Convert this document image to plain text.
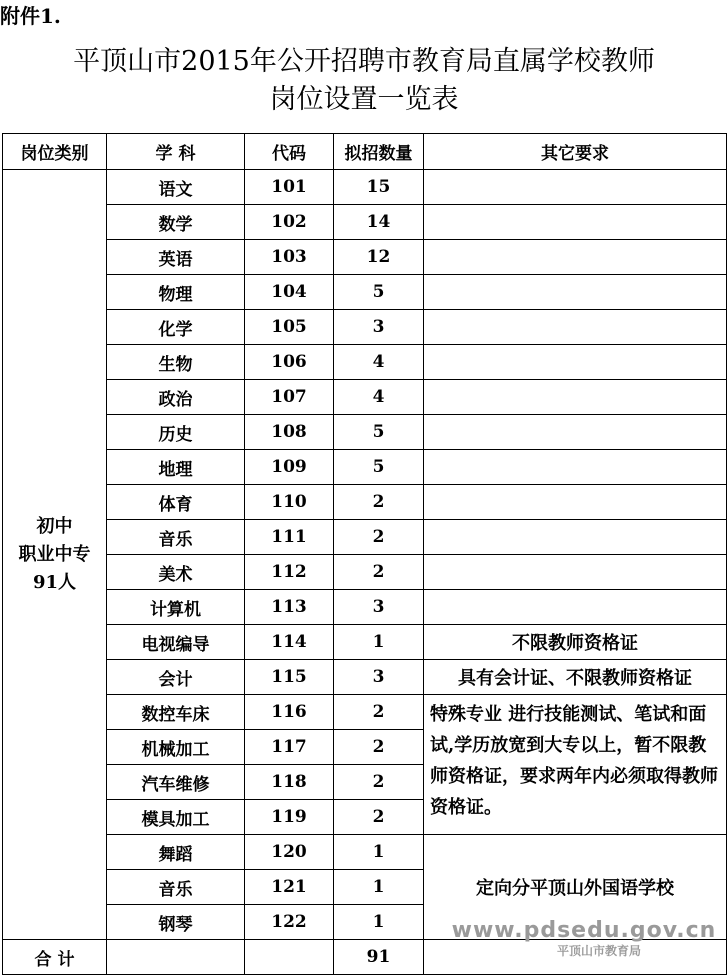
附件1.
平顶山市2015年公开招聘市教育局直属学校教师
岗位设置一览表
岗位类别	学 科	代码	拟招数量	其它要求

初中
职业中专
91人	语文	101	15	
	数学	102	14	
	英语	103	12	
	物理	104	5	
	化学	105	3	
	生物	106	4	
	政治	107	4	
	历史	108	5	
	地理	109	5	
	体育	110	2	
	音乐	111	2	
	美术	112	2	
	计算机	113	3	
	电视编导	114	1	不限教师资格证
	会计	115	3	具有会计证、不限教师资格证
	数控车床	116	2	特殊专业 进行技能测试、笔试和面试,学历放宽到大专以上，暂不限教师资格证，要求两年内必须取得教师资格证。
	机械加工	117	2	
	汽车维修	118	2	
	模具加工	119	2	
	舞蹈	120	1	定向分平顶山外国语学校
	音乐	121	1	
	钢琴	122	1	
合 计			91	
www.pdsedu.gov.cn
平顶山市教育局
